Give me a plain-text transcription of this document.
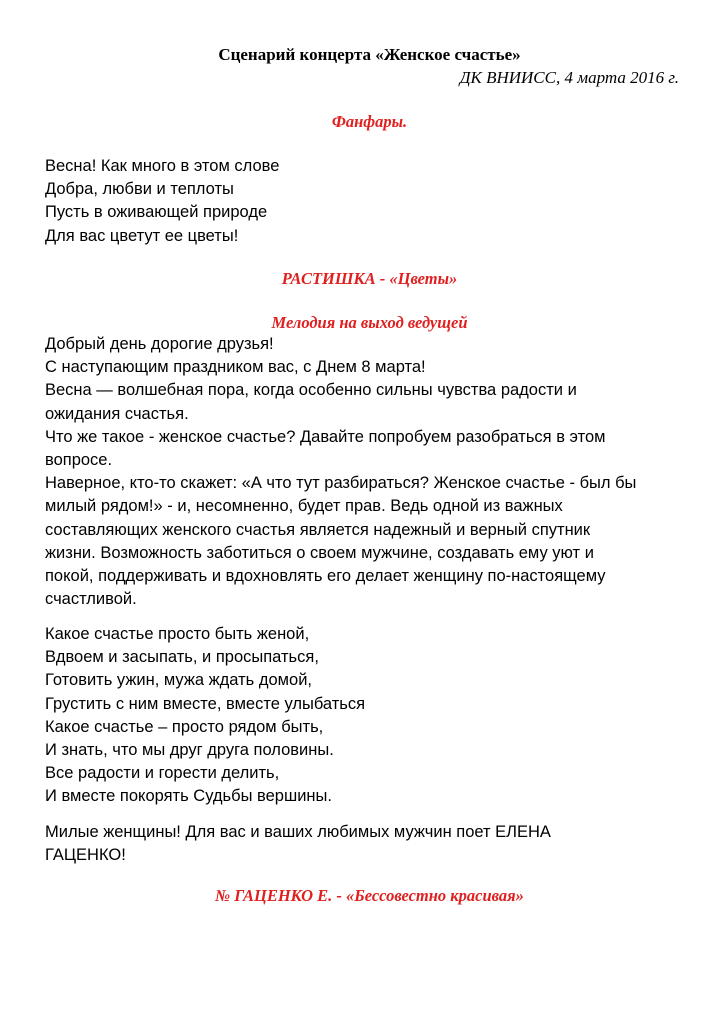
Сценарий концерта «Женское счастье»
ДК ВНИИСС, 4 марта 2016 г.
Фанфары.
Весна! Как много в этом слове
Добра, любви и теплоты
Пусть в оживающей природе
Для вас цветут ее цветы!
РАСТИШКА - «Цветы»
Мелодия на выход ведущей
Добрый день дорогие друзья!
С наступающим праздником вас, с Днем 8 марта!
Весна — волшебная пора, когда особенно сильны чувства радости и
ожидания счастья.
Что же такое - женское счастье? Давайте попробуем разобраться в этом
вопросе.
Наверное, кто-то скажет: «А что тут разбираться? Женское счастье - был бы
милый рядом!» - и, несомненно, будет прав. Ведь одной из важных
составляющих женского счастья является надежный и верный спутник
жизни. Возможность заботиться о своем мужчине, создавать ему уют и
покой, поддерживать и вдохновлять его делает женщину по-настоящему
счастливой.
Какое счастье просто быть женой,
Вдвоем и засыпать, и просыпаться,
Готовить ужин, мужа ждать домой,
Грустить с ним вместе, вместе улыбаться
Какое счастье – просто рядом быть,
И знать, что мы друг друга половины.
Все радости и горести делить,
И вместе покорять Судьбы вершины.
Милые женщины! Для вас и ваших любимых мужчин поет ЕЛЕНА
ГАЦЕНКО!
№ ГАЦЕНКО Е. - «Бессовестно красивая»
